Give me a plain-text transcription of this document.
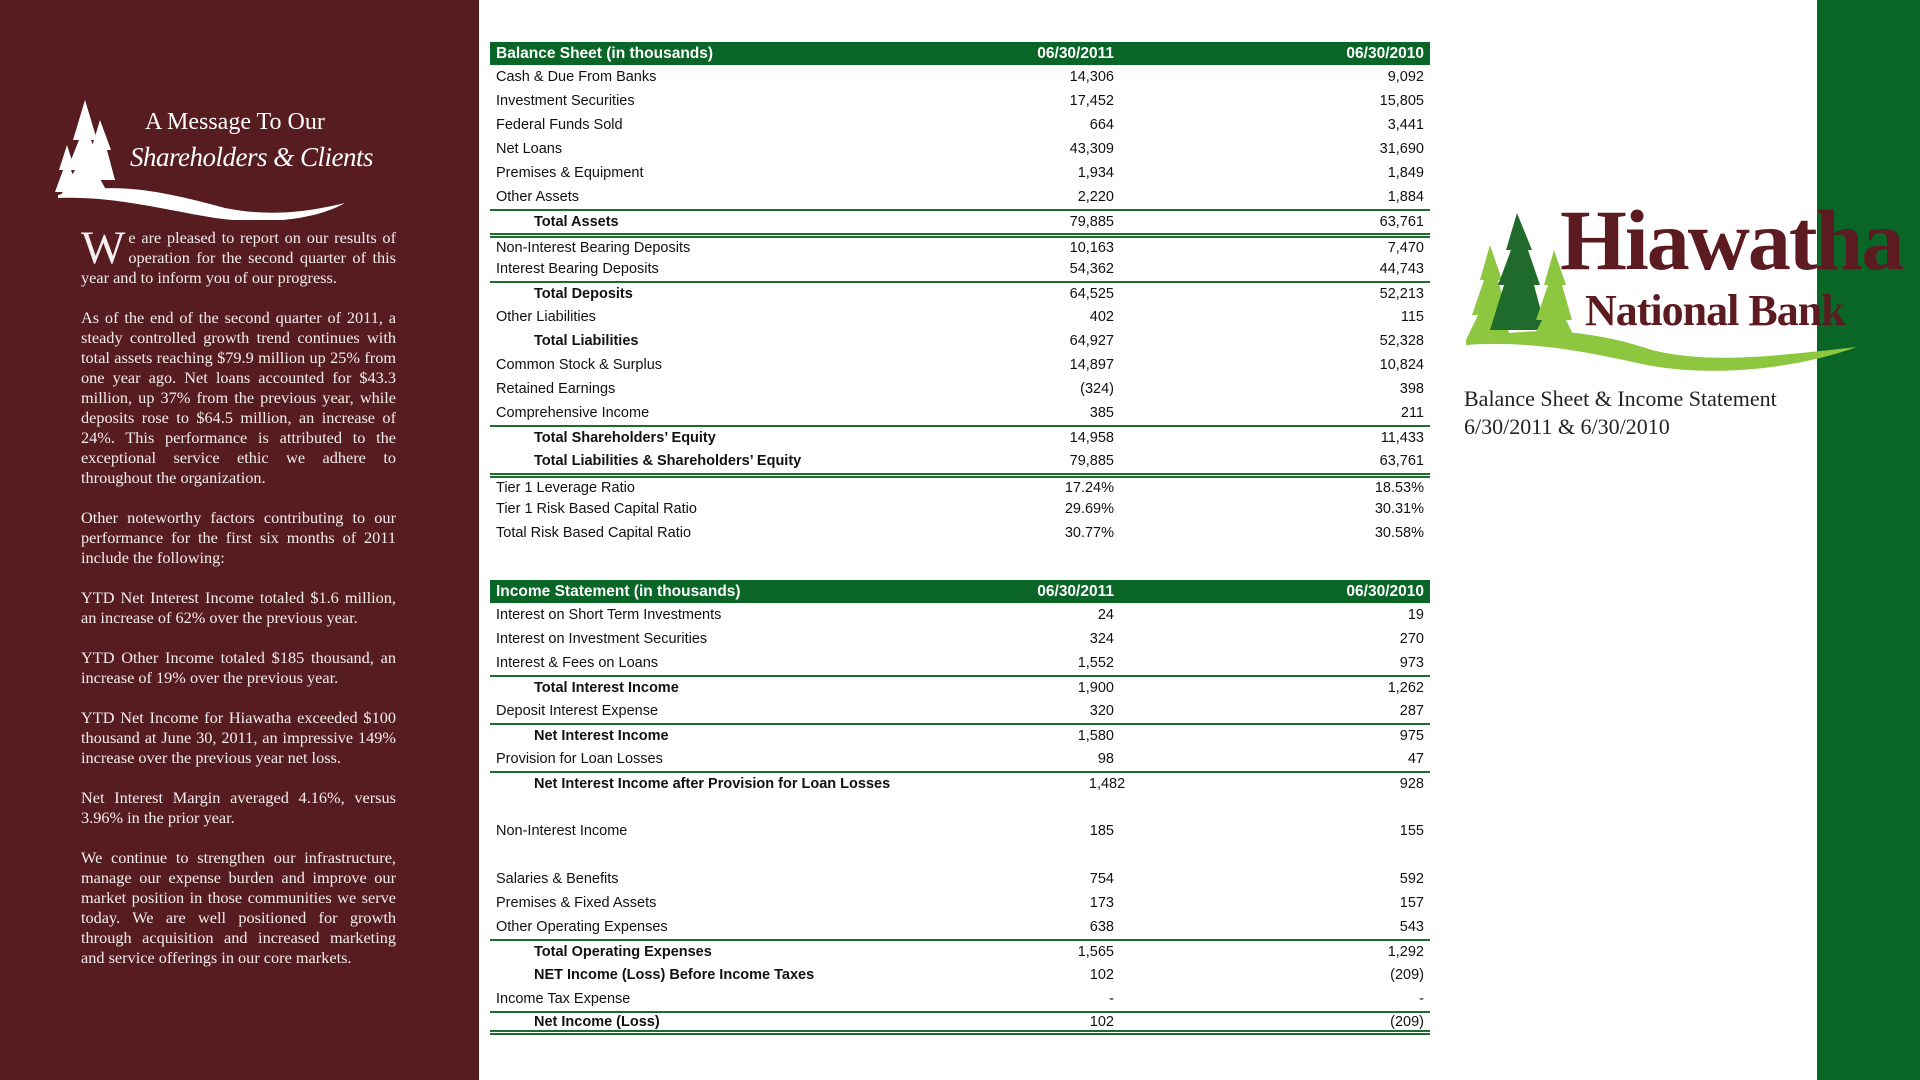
A Message To Our
Shareholders & Clients

We are pleased to report on our results of operation for the second quarter of this year and to inform you of our progress.

As of the end of the second quarter of 2011, a steady controlled growth trend continues with total assets reaching $79.9 million up 25% from one year ago. Net loans accounted for $43.3 million, up 37% from the previous year, while deposits rose to $64.5 million, an increase of 24%. This performance is attributed to the exceptional service ethic we adhere to throughout the organization.

Other noteworthy factors contributing to our performance for the first six months of 2011 include the following:

YTD Net Interest Income totaled $1.6 million, an increase of 62% over the previous year.

YTD Other Income totaled $185 thousand, an increase of 19% over the previous year.

YTD Net Income for Hiawatha exceeded $100 thousand at June 30, 2011, an impressive 149% increase over the previous year net loss.

Net Interest Margin averaged 4.16%, versus 3.96% in the prior year.

We continue to strengthen our infrastructure, manage our expense burden and improve our market position in those communities we serve today. We are well positioned for growth through acquisition and increased marketing and service offerings in our core markets.

Balance Sheet (in thousands)	06/30/2011	06/30/2010
Cash & Due From Banks	14,306	9,092
Investment Securities	17,452	15,805
Federal Funds Sold	664	3,441
Net Loans	43,309	31,690
Premises & Equipment	1,934	1,849
Other Assets	2,220	1,884
Total Assets	79,885	63,761
Non-Interest Bearing Deposits	10,163	7,470
Interest Bearing Deposits	54,362	44,743
Total Deposits	64,525	52,213
Other Liabilities	402	115
Total Liabilities	64,927	52,328
Common Stock & Surplus	14,897	10,824
Retained Earnings	(324)	398
Comprehensive Income	385	211
Total Shareholders’ Equity	14,958	11,433
Total Liabilities & Shareholders’ Equity	79,885	63,761
Tier 1 Leverage Ratio	17.24%	18.53%
Tier 1 Risk Based Capital Ratio	29.69%	30.31%
Total Risk Based Capital Ratio	30.77%	30.58%
Income Statement (in thousands)	06/30/2011	06/30/2010
Interest on Short Term Investments	24	19
Interest on Investment Securities	324	270
Interest & Fees on Loans	1,552	973
Total Interest Income	1,900	1,262
Deposit Interest Expense	320	287
Net Interest Income	1,580	975
Provision for Loan Losses	98	47
Net Interest Income after Provision for Loan Losses	1,482	928
Non-Interest Income	185	155
Salaries & Benefits	754	592
Premises & Fixed Assets	173	157
Other Operating Expenses	638	543
Total Operating Expenses	1,565	1,292
NET Income (Loss) Before Income Taxes	102	(209)
Income Tax Expense	-	-
Net Income (Loss)	102	(209)
Hiawatha
National Bank
Balance Sheet & Income Statement
6/30/2011 & 6/30/2010
